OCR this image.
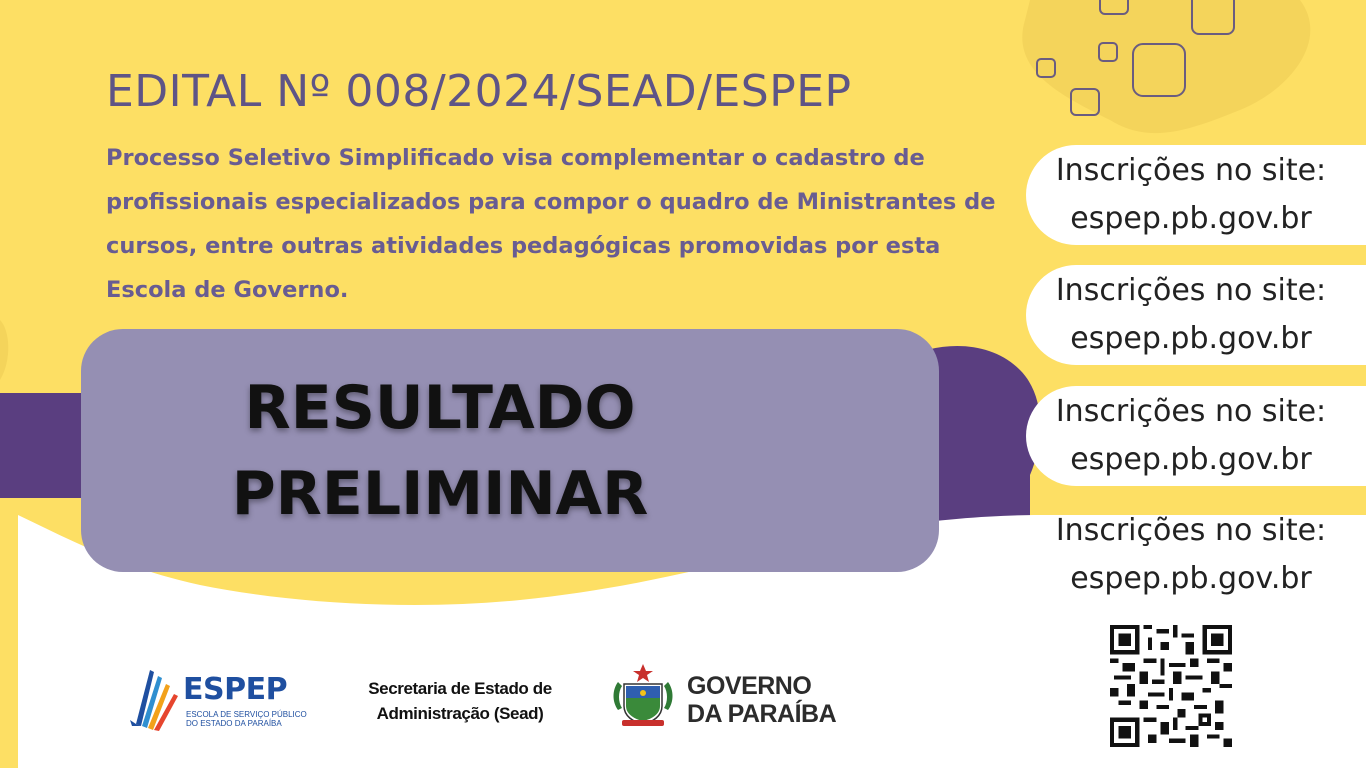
EDITAL Nº 008/2024/SEAD/ESPEP

Processo Seletivo Simplificado visa complementar o cadastro de profissionais especializados para compor o quadro de Ministrantes de cursos, entre outras atividades pedagógicas promovidas por esta Escola de Governo.

RESULTADO
PRELIMINAR
Inscrições no site:
espep.pb.gov.br
Inscrições no site:
espep.pb.gov.br
Inscrições no site:
espep.pb.gov.br
Inscrições no site:
espep.pb.gov.br
ESPEP
ESCOLA DE SERVIÇO PÚBLICO
DO ESTADO DA PARAÍBA
Secretaria de Estado de
Administração (Sead)
GOVERNO
DA PARAÍBA
